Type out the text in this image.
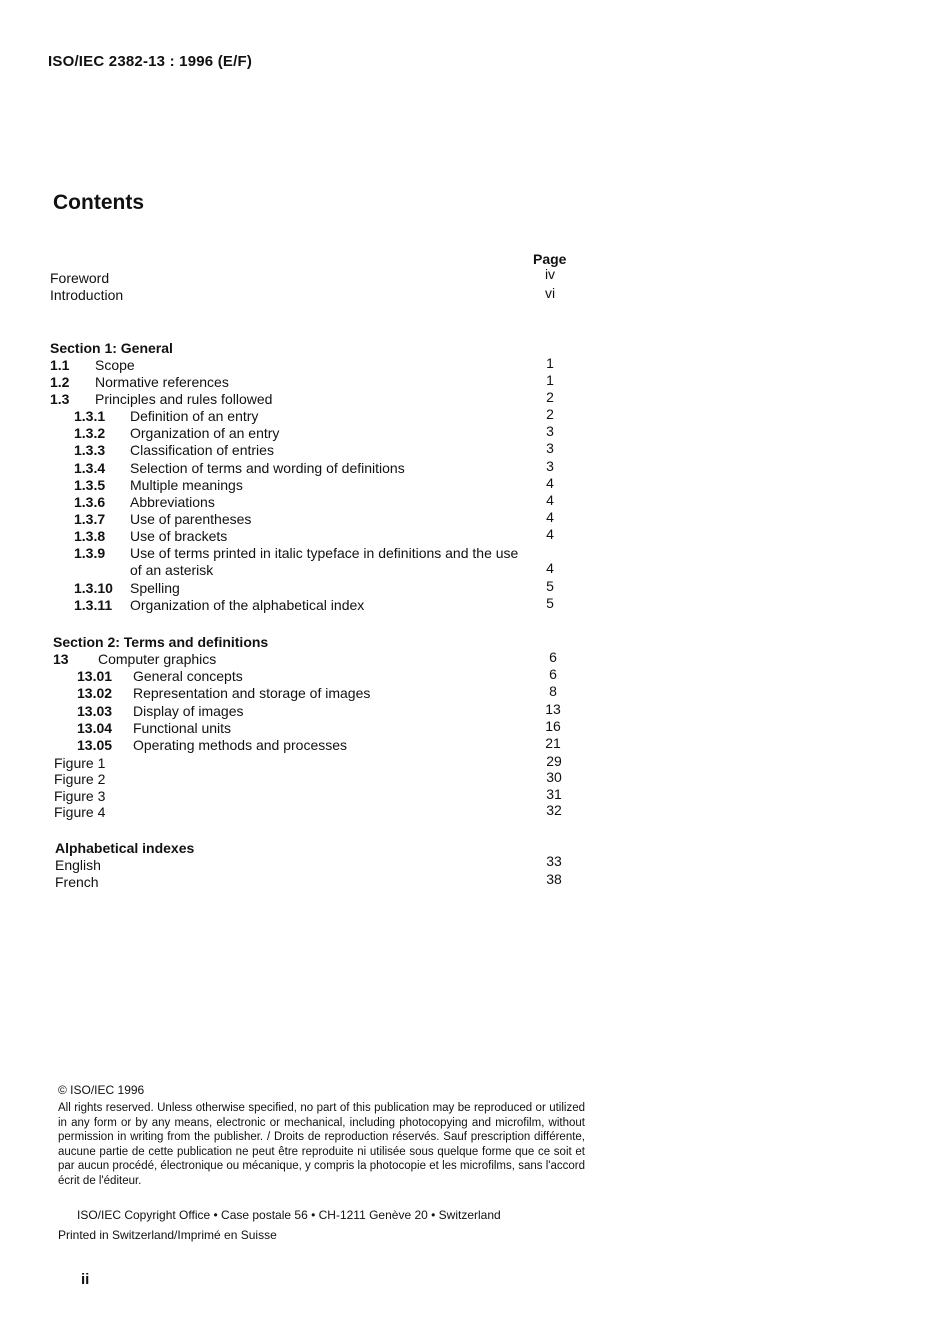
ISO/IEC 2382-13 : 1996 (E/F)
Contents
Page
Foreword	iv
Introduction	vi
Section 1: General
1.1 Scope	1
1.2 Normative references	1
1.3 Principles and rules followed	2
1.3.1 Definition of an entry	2
1.3.2 Organization of an entry	3
1.3.3 Classification of entries	3
1.3.4 Selection of terms and wording of definitions	3
1.3.5 Multiple meanings	4
1.3.6 Abbreviations	4
1.3.7 Use of parentheses	4
1.3.8 Use of brackets	4
1.3.9 Use of terms printed in italic typeface in definitions and the use
of an asterisk	4
1.3.10 Spelling	5
1.3.11 Organization of the alphabetical index	5
Section 2: Terms and definitions
13 Computer graphics	6
13.01 General concepts	6
13.02 Representation and storage of images	8
13.03 Display of images	13
13.04 Functional units	16
13.05 Operating methods and processes	21
Figure 1	29
Figure 2	30
Figure 3	31
Figure 4	32
Alphabetical indexes
English	33
French	38
© ISO/IEC 1996
All rights reserved. Unless otherwise specified, no part of this publication may be reproduced or utilized in any form or by any means, electronic or mechanical, including photocopying and microfilm, without permission in writing from the publisher. / Droits de reproduction réservés. Sauf prescription différente, aucune partie de cette publication ne peut être reproduite ni utilisée sous quelque forme que ce soit et par aucun procédé, électronique ou mécanique, y compris la photocopie et les microfilms, sans l'accord écrit de l'éditeur.
ISO/IEC Copyright Office • Case postale 56 • CH-1211 Genève 20 • Switzerland
Printed in Switzerland/Imprimé en Suisse
ii
